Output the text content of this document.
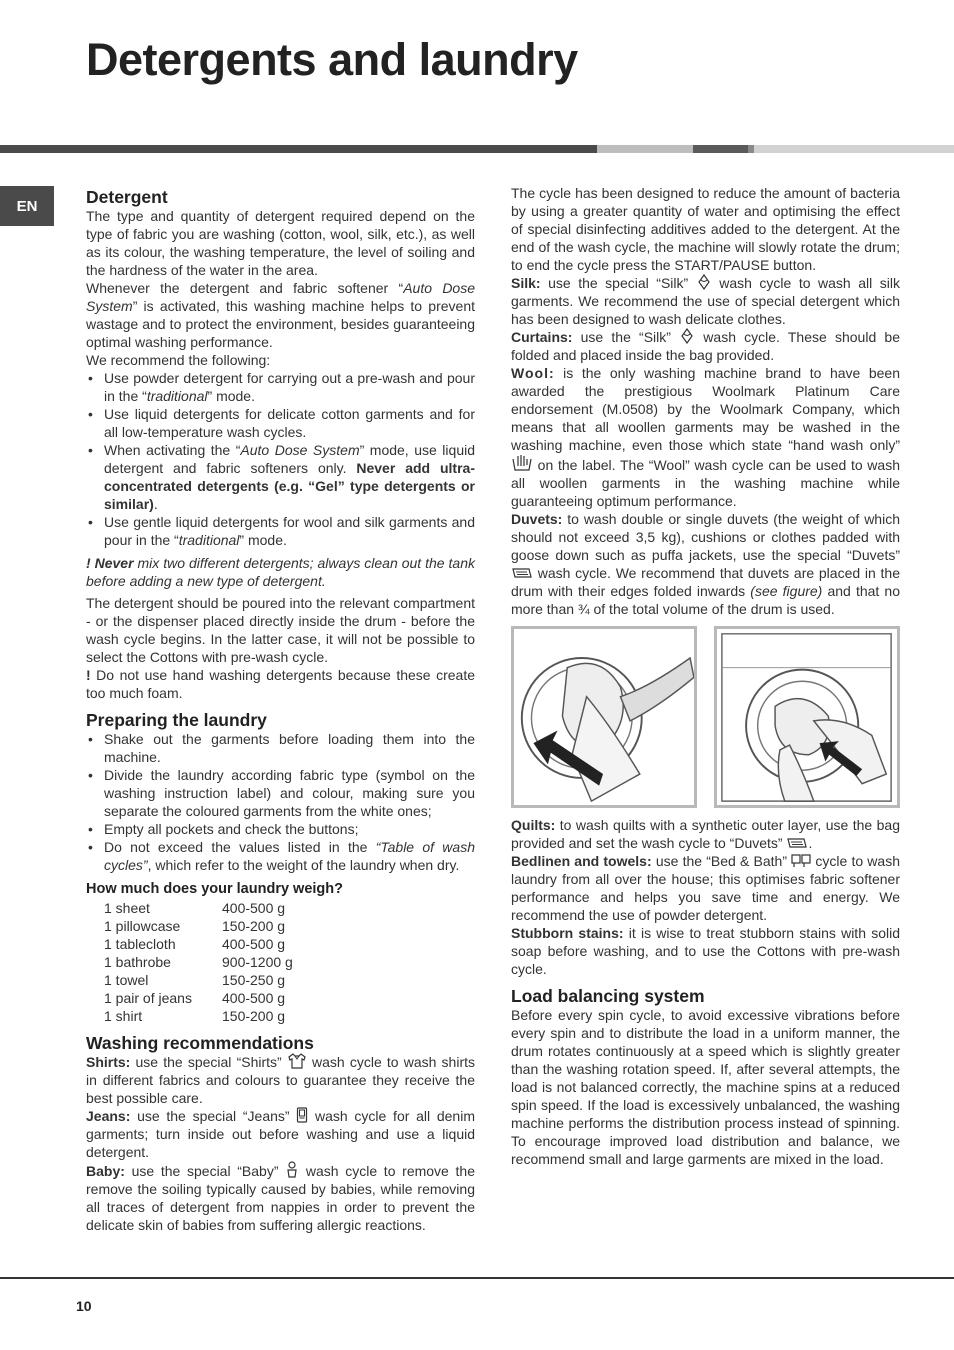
Detergents and laundry
EN	Detergent

The type and quantity of detergent required depend on the type of fabric you are washing (cotton, wool, silk, etc.), as well as its colour, the washing temperature, the level of soiling and the hardness of the water in the area.

Whenever the detergent and fabric softener “Auto Dose System” is activated, this washing machine helps to prevent wastage and to protect the environment, besides guaranteeing optimal washing performance.

We recommend the following:

• Use powder detergent for carrying out a pre-wash and pour in the “traditional” mode.
• Use liquid detergents for delicate cotton garments and for all low-temperature wash cycles.
• When activating the “Auto Dose System” mode, use liquid detergent and fabric softeners only. Never add ultra-concentrated detergents (e.g. “Gel” type detergents or similar).
• Use gentle liquid detergents for wool and silk garments and pour in the “traditional” mode.

! Never mix two different detergents; always clean out the tank before adding a new type of detergent.

The detergent should be poured into the relevant compartment - or the dispenser placed directly inside the drum - before the wash cycle begins. In the latter case, it will not be possible to select the Cottons with pre-wash cycle.

! Do not use hand washing detergents because these create too much foam.

Preparing the laundry
• Shake out the garments before loading them into the machine.
• Divide the laundry according fabric type (symbol on the washing instruction label) and colour, making sure you separate the coloured garments from the white ones;
• Empty all pockets and check the buttons;
• Do not exceed the values listed in the “Table of wash cycles”, which refer to the weight of the laundry when dry.
How much does your laundry weigh?
1 sheet	400-500 g
1 pillowcase	150-200 g
1 tablecloth	400-500 g
1 bathrobe	900-1200 g
1 towel	150-250 g
1 pair of jeans	400-500 g
1 shirt	150-200 g
Washing recommendations

Shirts: use the special “Shirts”  wash cycle to wash shirts in different fabrics and colours to guarantee they receive the best possible care.

Jeans: use the special “Jeans”  wash cycle for all denim garments; turn inside out before washing and use a liquid detergent.

Baby: use the special “Baby”  wash cycle to remove the remove the soiling typically caused by babies, while removing all traces of detergent from nappies in order to prevent the delicate skin of babies from suffering allergic reactions.

The cycle has been designed to reduce the amount of bacteria by using a greater quantity of water and optimising the effect of special disinfecting additives added to the detergent. At the end of the wash cycle, the machine will slowly rotate the drum; to end the cycle press the START/PAUSE button.

Silk: use the special “Silk”  wash cycle to wash all silk garments. We recommend the use of special detergent which has been designed to wash delicate clothes.

Curtains: use the “Silk”  wash cycle. These should be folded and placed inside the bag provided.

Wool: is the only washing machine brand to have been awarded the prestigious Woolmark Platinum Care endorsement (M.0508) by the Woolmark Company, which means that all woollen garments may be washed in the washing machine, even those which state “hand wash only”  on the label. The “Wool” wash cycle can be used to wash all woollen garments in the washing machine while guaranteeing optimum performance.

Duvets: to wash double or single duvets (the weight of which should not exceed 3,5 kg), cushions or clothes padded with goose down such as puffa jackets, use the special “Duvets”  wash cycle. We recommend that duvets are placed in the drum with their edges folded inwards (see figure) and that no more than ¾ of the total volume of the drum is used.

Quilts: to wash quilts with a synthetic outer layer, use the bag provided and set the wash cycle to “Duvets” .

Bedlinen and towels: use the “Bed & Bath”  cycle to wash laundry from all over the house; this optimises fabric softener performance and helps you save time and energy. We recommend the use of powder detergent.

Stubborn stains: it is wise to treat stubborn stains with solid soap before washing, and to use the Cottons with pre-wash cycle.

Load balancing system

Before every spin cycle, to avoid excessive vibrations before every spin and to distribute the load in a uniform manner, the drum rotates continuously at a speed which is slightly greater than the washing rotation speed. If, after several attempts, the load is not balanced correctly, the machine spins at a reduced spin speed. If the load is excessively unbalanced, the washing machine performs the distribution process instead of spinning. To encourage improved load distribution and balance, we recommend small and large garments are mixed in the load.

10
